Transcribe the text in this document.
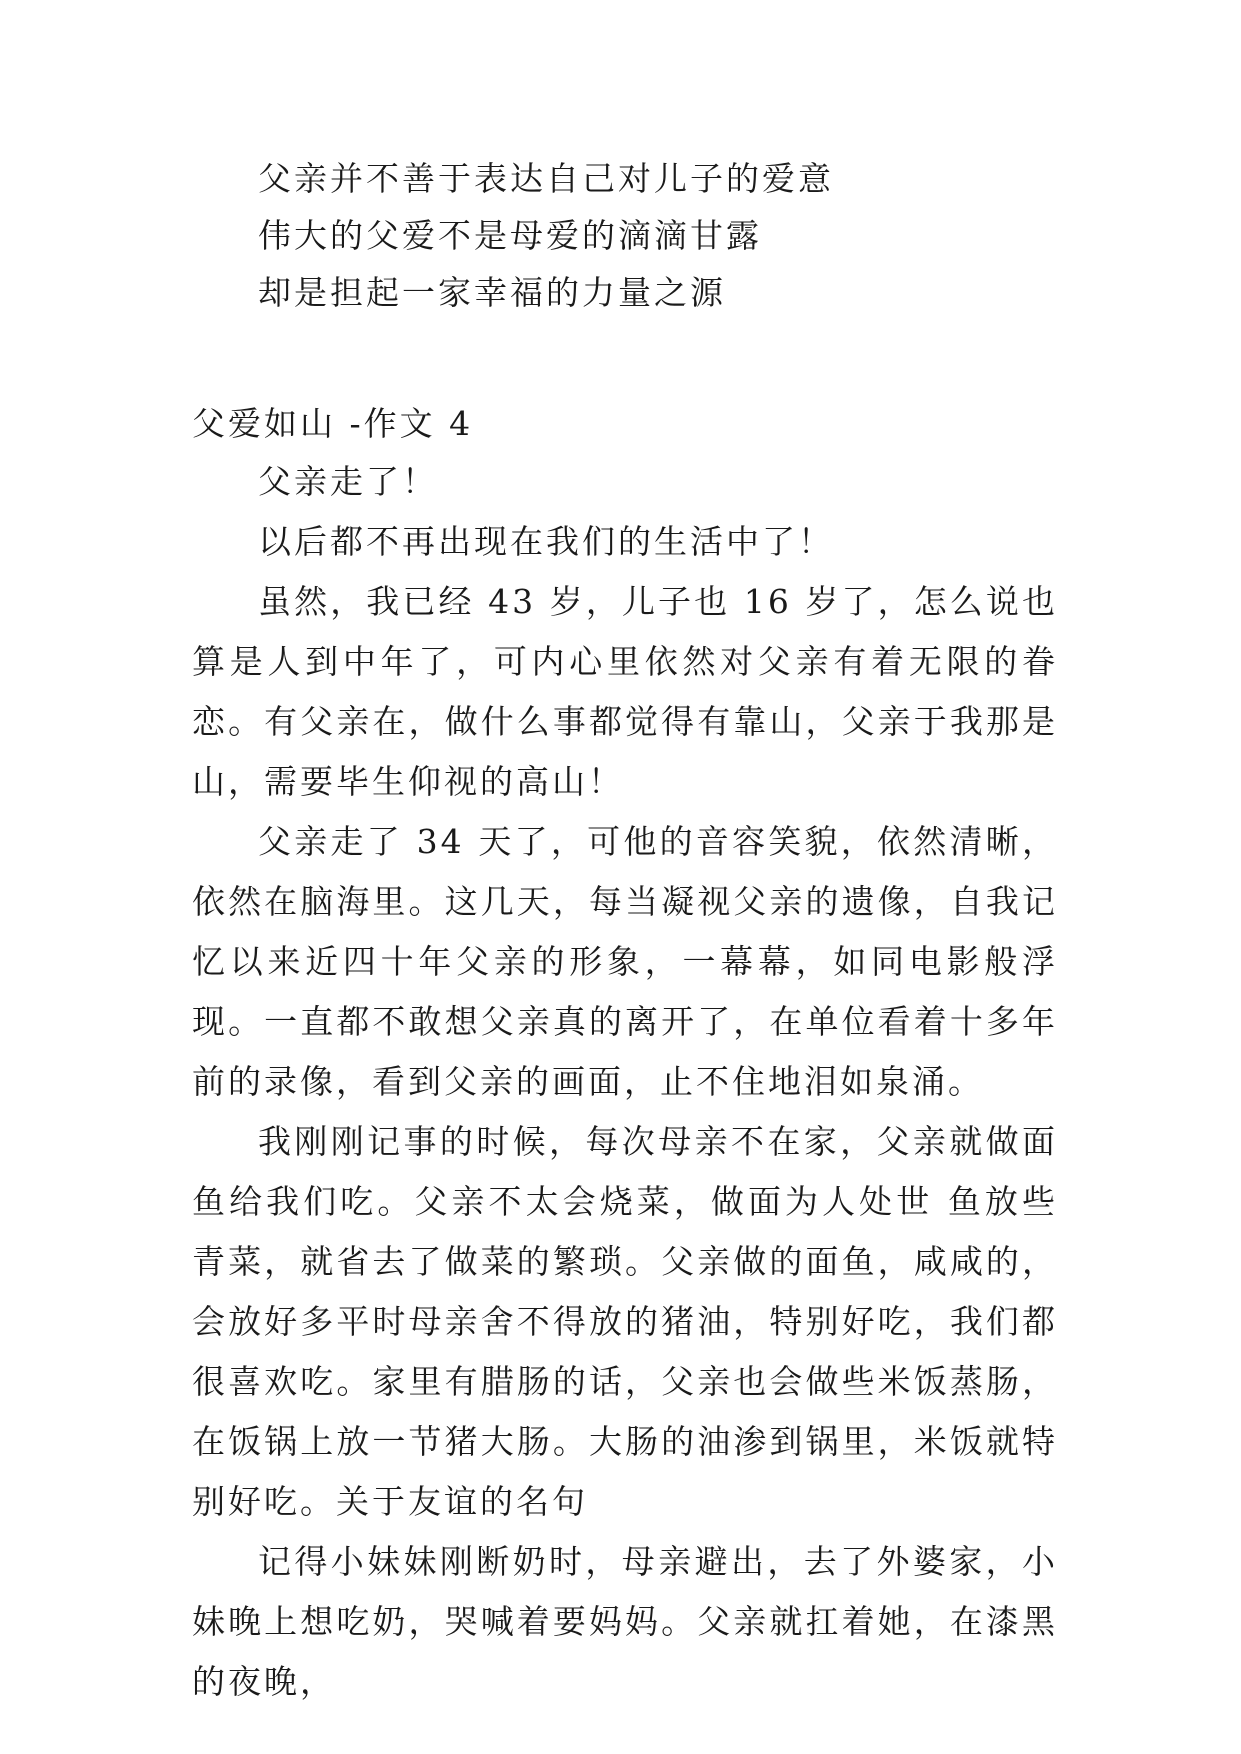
父亲并不善于表达自己对儿子的爱意

伟大的父爱不是母爱的滴滴甘露

却是担起一家幸福的力量之源

父爱如山 -作文 4

父亲走了！

以后都不再出现在我们的生活中了！

虽然，我已经 43 岁，儿子也 16 岁了，怎么说也算是人到中年了，可内心里依然对父亲有着无限的眷恋。有父亲在，做什么事都觉得有靠山，父亲于我那是山，需要毕生仰视的高山！

父亲走了 34 天了，可他的音容笑貌，依然清晰，依然在脑海里。这几天，每当凝视父亲的遗像，自我记忆以来近四十年父亲的形象，一幕幕，如同电影般浮现。一直都不敢想父亲真的离开了，在单位看着十多年前的录像，看到父亲的画面，止不住地泪如泉涌。

我刚刚记事的时候，每次母亲不在家，父亲就做面鱼给我们吃。父亲不太会烧菜，做面为人处世 鱼放些青菜，就省去了做菜的繁琐。父亲做的面鱼，咸咸的，会放好多平时母亲舍不得放的猪油，特别好吃，我们都很喜欢吃。家里有腊肠的话，父亲也会做些米饭蒸肠，在饭锅上放一节猪大肠。大肠的油渗到锅里，米饭就特别好吃。关于友谊的名句

记得小妹妹刚断奶时，母亲避出，去了外婆家，小妹晚上想吃奶，哭喊着要妈妈。父亲就扛着她，在漆黑的夜晚，
